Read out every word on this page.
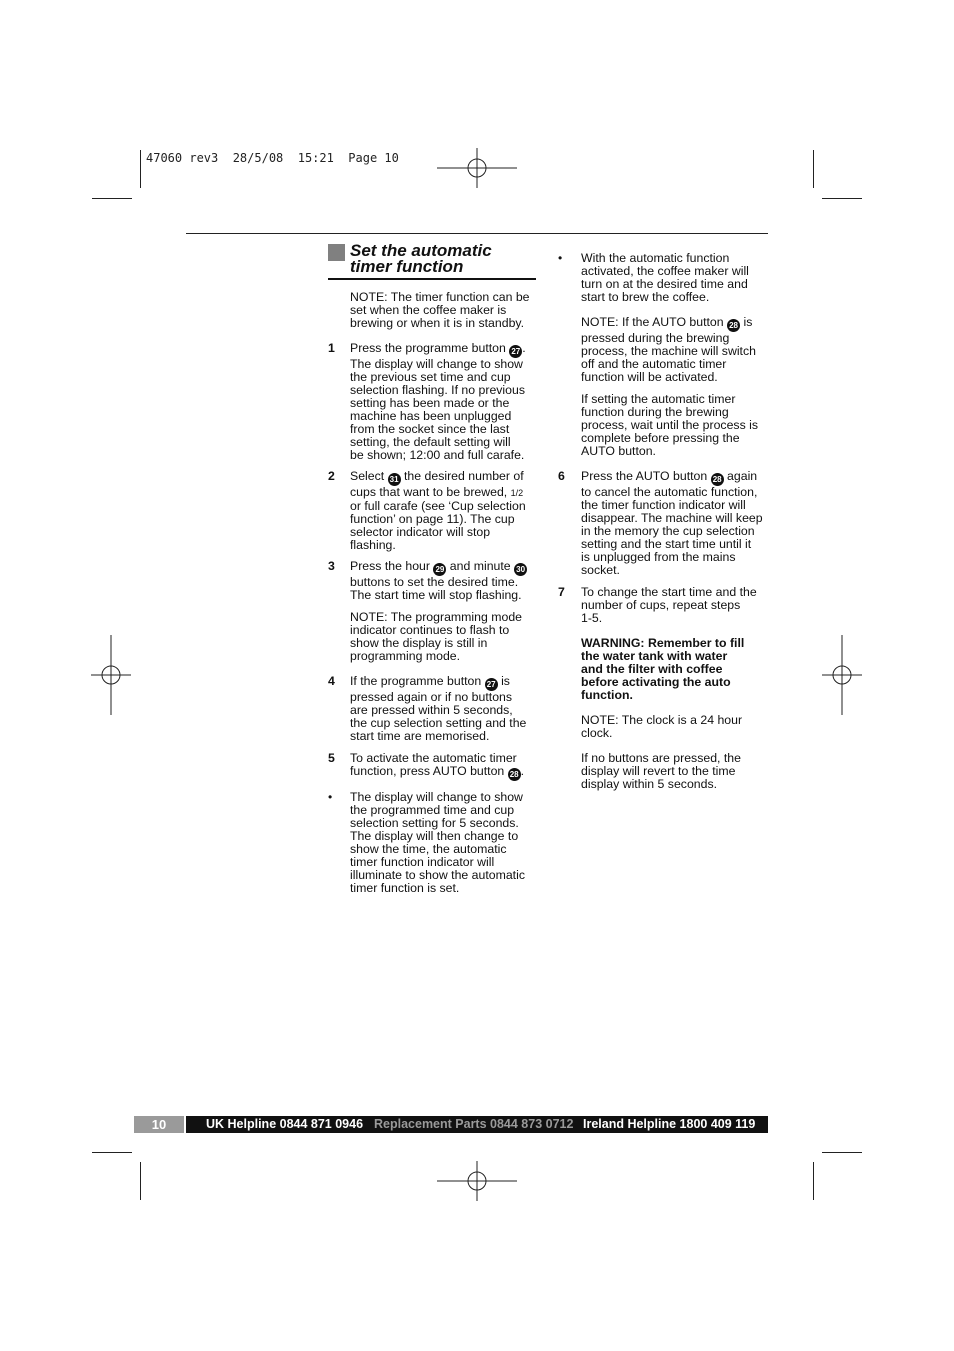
47060 rev3  28/5/08  15:21  Page 10
Set the automatic
timer function
NOTE: The timer function can be
set when the coffee maker is
brewing or when it is in standby.
1 Press the programme button 27 .
The display will change to show
the previous set time and cup
selection flashing. If no previous
setting has been made or the
machine has been unplugged
from the socket since the last
setting, the default setting will
be shown; 12:00 and full carafe.
2 Select 31 the desired number of
cups that want to be brewed, 1/2
or full carafe (see ‘Cup selection
function’ on page 11). The cup
selector indicator will stop
flashing.
3 Press the hour 29 and minute 30
buttons to set the desired time.
The start time will stop flashing.
NOTE: The programming mode
indicator continues to flash to
show the display is still in
programming mode.
4 If the programme button 27 is
pressed again or if no buttons
are pressed within 5 seconds,
the cup selection setting and the
start time are memorised.
5 To activate the automatic timer
function, press AUTO button 28 .
• The display will change to show
the programmed time and cup
selection setting for 5 seconds.
The display will then change to
show the time, the automatic
timer function indicator will
illuminate to show the automatic
timer function is set.
• With the automatic function
activated, the coffee maker will
turn on at the desired time and
start to brew the coffee.
NOTE: If the AUTO button 28 is
pressed during the brewing
process, the machine will switch
off and the automatic timer
function will be activated.
If setting the automatic timer
function during the brewing
process, wait until the process is
complete before pressing the
AUTO button.
6 Press the AUTO button 28 again
to cancel the automatic function,
the timer function indicator will
disappear. The machine will keep
in the memory the cup selection
setting and the start time until it
is unplugged from the mains
socket.
7 To change the start time and the
number of cups, repeat steps
1-5.
WARNING: Remember to fill
the water tank with water
and the filter with coffee
before activating the auto
function.
NOTE: The clock is a 24 hour
clock.
If no buttons are pressed, the
display will revert to the time
display within 5 seconds.
10	UK Helpline 0844 871 0946 Replacement Parts 0844 873 0712 Ireland Helpline 1800 409 119
